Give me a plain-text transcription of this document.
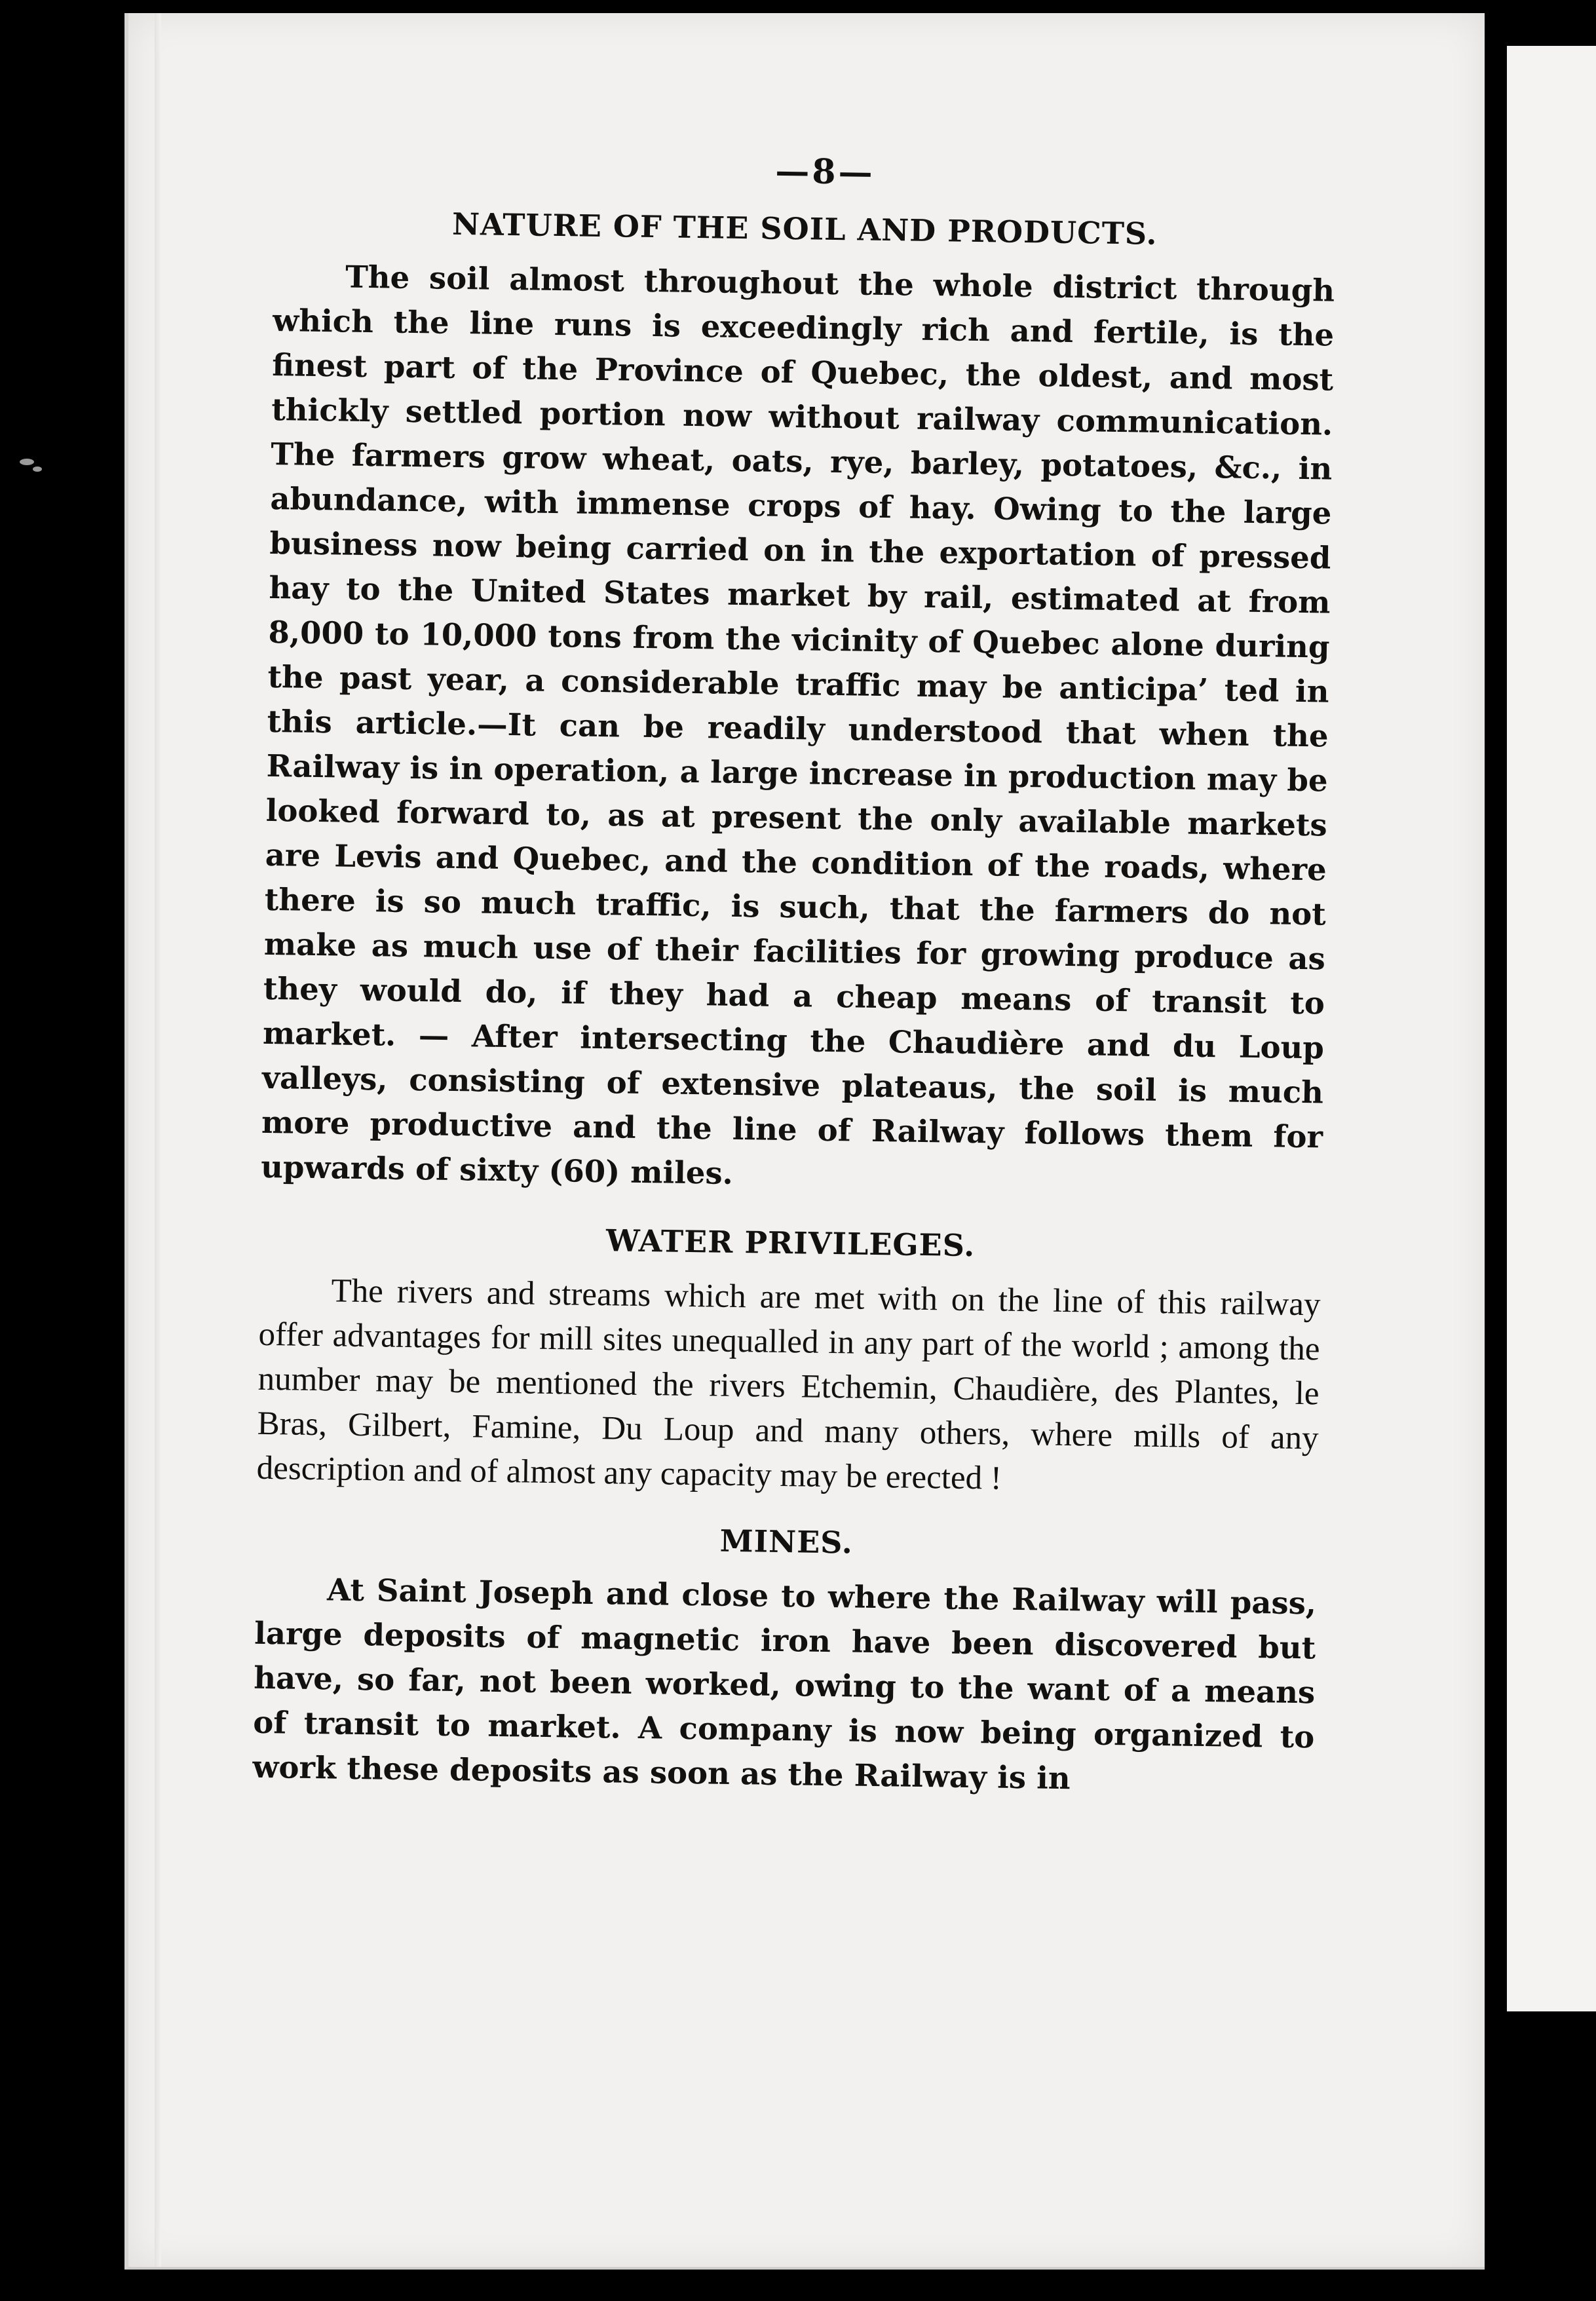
—8—
NATURE OF THE SOIL AND PRODUCTS.

The soil almost throughout the whole district through which the line runs is exceedingly rich and fertile, is the finest part of the Province of Quebec, the oldest, and most thickly settled portion now without railway communication. The farmers grow wheat, oats, rye, barley, potatoes, &c., in abundance, with immense crops of hay. Owing to the large business now being carried on in the exportation of pressed hay to the United States market by rail, estimated at from 8,000 to 10,000 tons from the vicinity of Quebec alone during the past year, a considerable traffic may be anticipa’ ted in this article.—It can be readily understood that when the Railway is in operation, a large increase in production may be looked forward to, as at present the only available markets are Levis and Quebec, and the condition of the roads, where there is so much traffic, is such, that the farmers do not make as much use of their facilities for growing produce as they would do, if they had a cheap means of transit to market. — After intersecting the Chaudière and du Loup valleys, consisting of extensive plateaus, the soil is much more productive and the line of Railway follows them for upwards of sixty (60) miles.

WATER PRIVILEGES.

The rivers and streams which are met with on the line of this railway offer advantages for mill sites unequalled in any part of the world ; among the number may be mentioned the rivers Etchemin, Chaudière, des Plantes, le Bras, Gilbert, Famine, Du Loup and many others, where mills of any description and of almost any capacity may be erected !

MINES.

At Saint Joseph and close to where the Railway will pass, large deposits of magnetic iron have been discovered but have, so far, not been worked, owing to the want of a means of transit to market. A company is now being organized to work these deposits as soon as the Railway is in
